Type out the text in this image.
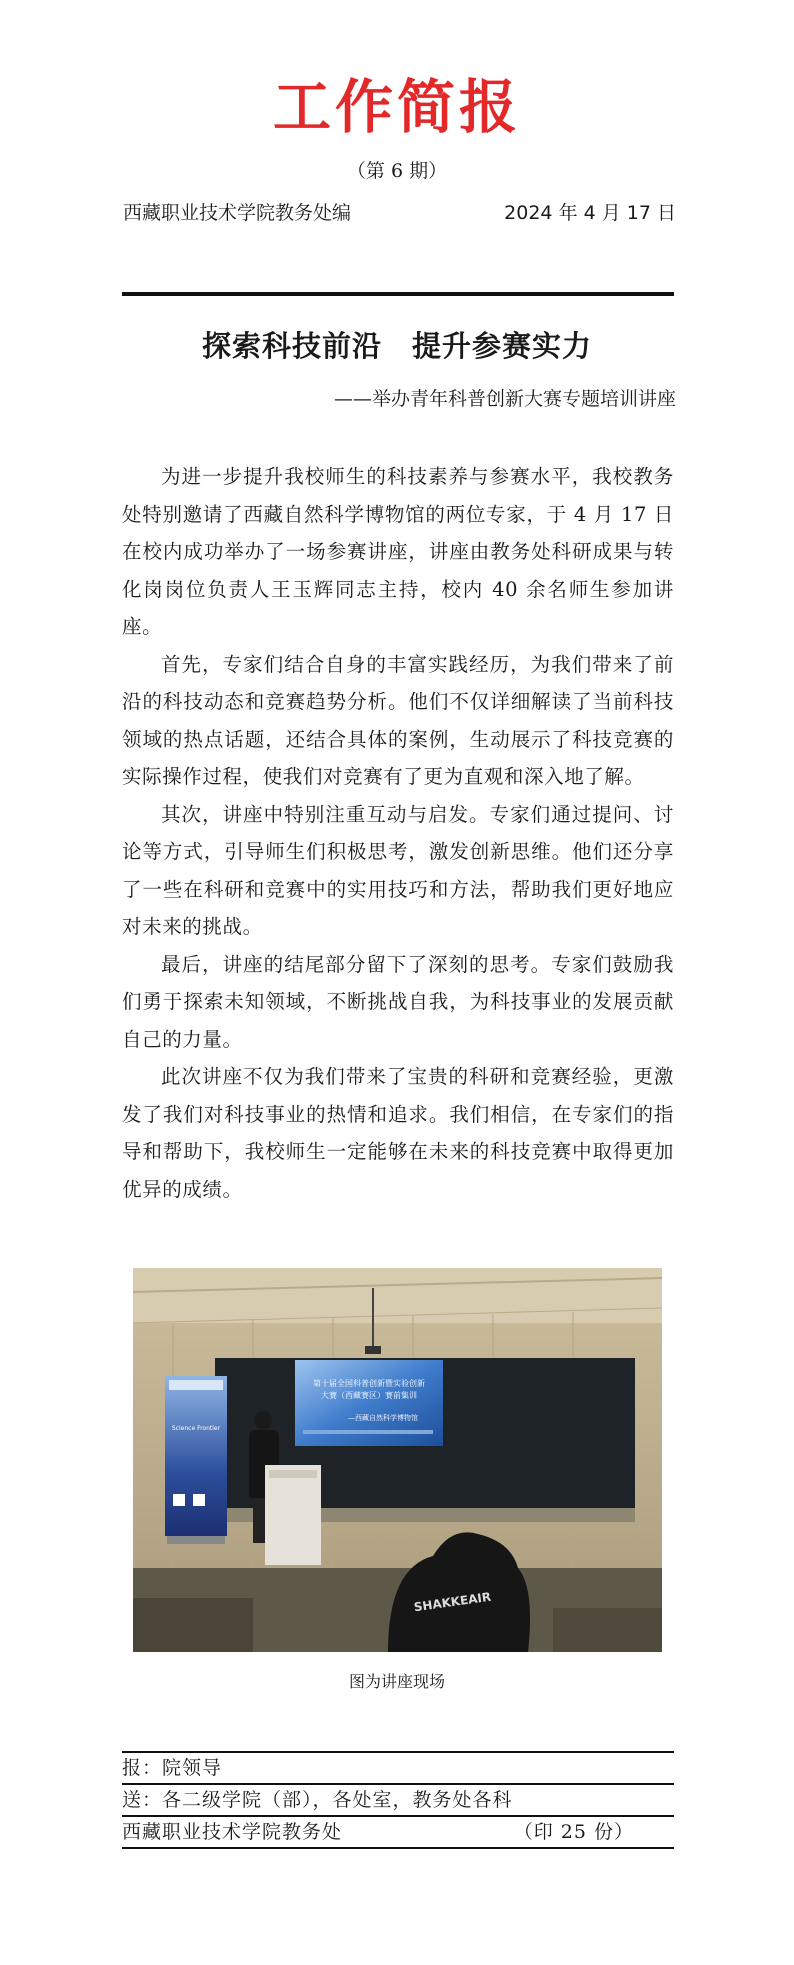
工作简报
（第 6 期）
西藏职业技术学院教务处编	2024 年 4 月 17 日
探索科技前沿　提升参赛实力
——举办青年科普创新大赛专题培训讲座

为进一步提升我校师生的科技素养与参赛水平，我校教务处特别邀请了西藏自然科学博物馆的两位专家，于 4 月 17 日在校内成功举办了一场参赛讲座，讲座由教务处科研成果与转化岗岗位负责人王玉辉同志主持，校内 40 余名师生参加讲座。

首先，专家们结合自身的丰富实践经历，为我们带来了前沿的科技动态和竞赛趋势分析。他们不仅详细解读了当前科技领域的热点话题，还结合具体的案例，生动展示了科技竞赛的实际操作过程，使我们对竞赛有了更为直观和深入地了解。

其次，讲座中特别注重互动与启发。专家们通过提问、讨论等方式，引导师生们积极思考，激发创新思维。他们还分享了一些在科研和竞赛中的实用技巧和方法，帮助我们更好地应对未来的挑战。

最后，讲座的结尾部分留下了深刻的思考。专家们鼓励我们勇于探索未知领域，不断挑战自我，为科技事业的发展贡献自己的力量。

此次讲座不仅为我们带来了宝贵的科研和竞赛经验，更激发了我们对科技事业的热情和追求。我们相信，在专家们的指导和帮助下，我校师生一定能够在未来的科技竞赛中取得更加优异的成绩。

第十届全国科普创新暨实验创新
大赛（西藏赛区）赛前集训
—西藏自然科学博物馆
Science Frontier
SHAKKEAIR
图为讲座现场
报：院领导
送：各二级学院（部），各处室，教务处各科
西藏职业技术学院教务处	（印 25 份）
